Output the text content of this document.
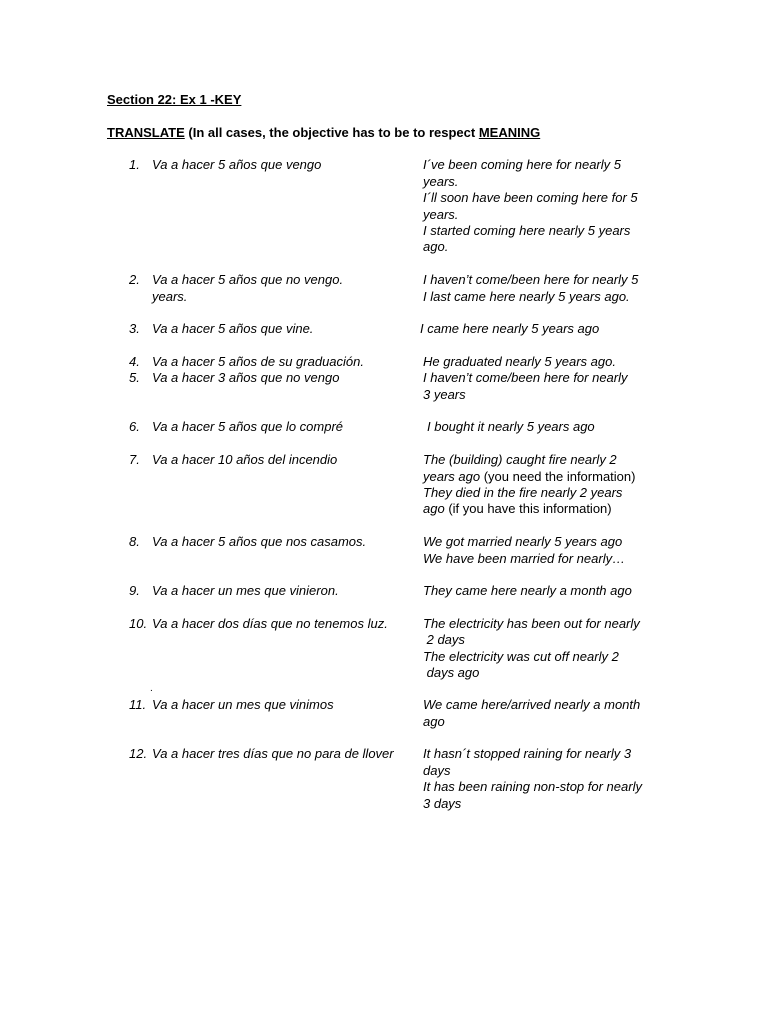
Section 22: Ex 1 -KEY
TRANSLATE (In all cases, the objective has to be to respect MEANING
1. Va a hacer 5 años que vengo	I´ve been coming here for nearly 5
years.
I´ll soon have been coming here for 5
years.
I started coming here nearly 5 years
ago.
2. Va a hacer 5 años que no vengo.
years.
I haven’t come/been here for nearly 5
I last came here nearly 5 years ago.
3. Va a hacer 5 años que vine.	I came here nearly 5 years ago
4. Va a hacer 5 años de su graduación.	He graduated nearly 5 years ago.
5. Va a hacer 3 años que no vengo	I haven’t come/been here for nearly
3 years
6. Va a hacer 5 años que lo compré	I bought it nearly 5 years ago
7. Va a hacer 10 años del incendio	The (building) caught fire nearly 2
years ago (you need the information)
They died in the fire nearly 2 years
ago (if you have this information)
8. Va a hacer 5 años que nos casamos.	We got married nearly 5 years ago
We have been married for nearly…
9. Va a hacer un mes que vinieron.	They came here nearly a month ago
10. Va a hacer dos días que no tenemos luz.	The electricity has been out for nearly
2 days
The electricity was cut off nearly 2
days ago
.
11. Va a hacer un mes que vinimos	We came here/arrived nearly a month
ago
12. Va a hacer tres días que no para de llover It hasn´t stopped raining for nearly 3
days
It has been raining non-stop for nearly
3 days
